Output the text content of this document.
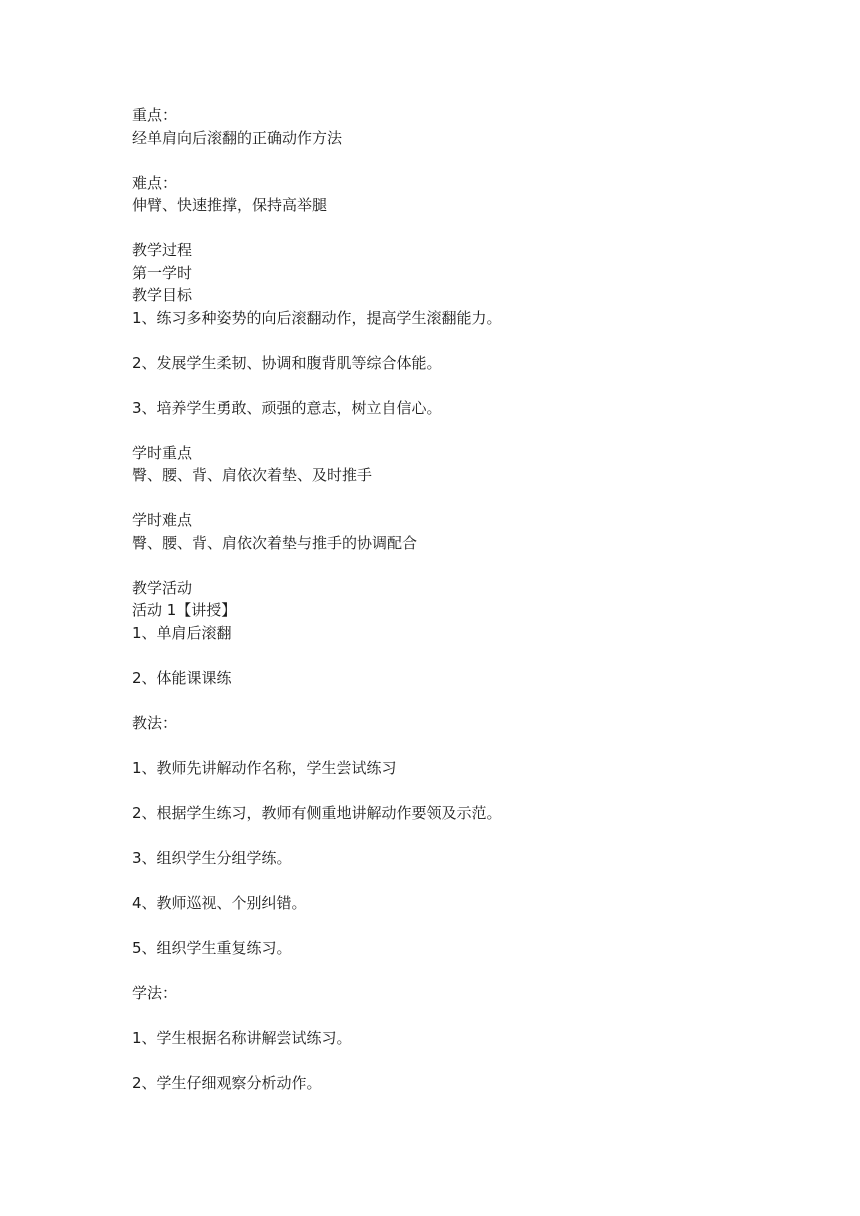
重点：
经单肩向后滚翻的正确动作方法
难点：
伸臂、快速推撑，保持高举腿
教学过程
第一学时
教学目标
1、练习多种姿势的向后滚翻动作，提高学生滚翻能力。
2、发展学生柔韧、协调和腹背肌等综合体能。
3、培养学生勇敢、顽强的意志，树立自信心。
学时重点
臀、腰、背、肩依次着垫、及时推手
学时难点
臀、腰、背、肩依次着垫与推手的协调配合
教学活动
活动 1【讲授】
1、单肩后滚翻
2、体能课课练
教法：
1、教师先讲解动作名称，学生尝试练习
2、根据学生练习，教师有侧重地讲解动作要领及示范。
3、组织学生分组学练。
4、教师巡视、个别纠错。
5、组织学生重复练习。
学法：
1、学生根据名称讲解尝试练习。
2、学生仔细观察分析动作。
